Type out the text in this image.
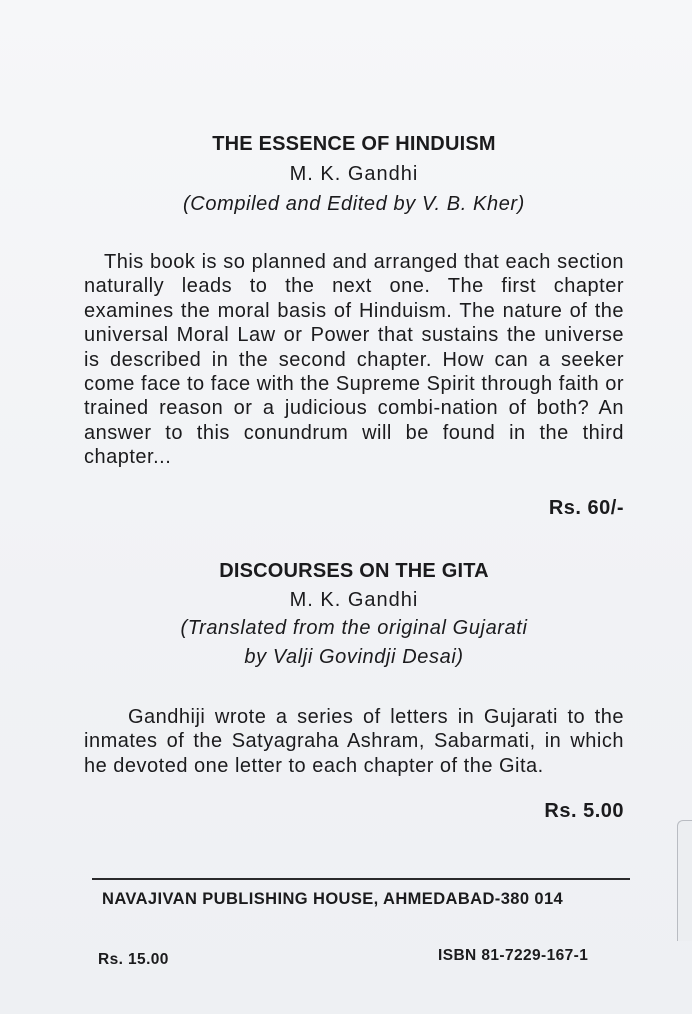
THE ESSENCE OF HINDUISM
M. K. Gandhi
(Compiled and Edited by V. B. Kher)

This book is so planned and arranged that each section naturally leads to the next one. The first chapter examines the moral basis of Hinduism. The nature of the universal Moral Law or Power that sustains the universe is described in the second chapter. How can a seeker come face to face with the Supreme Spirit through faith or trained reason or a judicious combi-nation of both? An answer to this conundrum will be found in the third chapter...

Rs. 60/-
DISCOURSES ON THE GITA
M. K. Gandhi
(Translated from the original Gujarati
by Valji Govindji Desai)

Gandhiji wrote a series of letters in Gujarati to the inmates of the Satyagraha Ashram, Sabarmati, in which he devoted one letter to each chapter of the Gita.

Rs. 5.00
NAVAJIVAN PUBLISHING HOUSE, AHMEDABAD-380 014
Rs. 15.00	ISBN 81-7229-167-1
